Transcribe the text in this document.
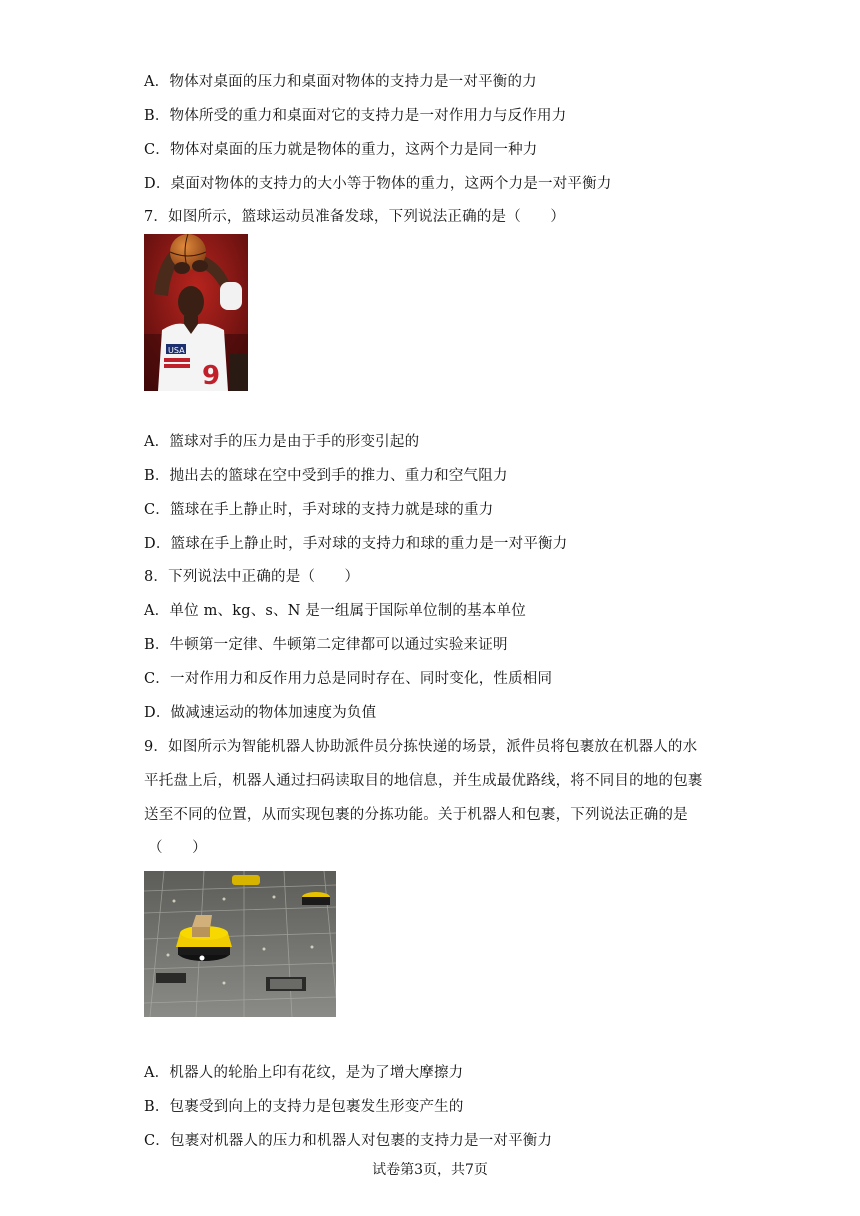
A．物体对桌面的压力和桌面对物体的支持力是一对平衡的力
B．物体所受的重力和桌面对它的支持力是一对作用力与反作用力
C．物体对桌面的压力就是物体的重力，这两个力是同一种力
D．桌面对物体的支持力的大小等于物体的重力，这两个力是一对平衡力
7．如图所示，篮球运动员准备发球，下列说法正确的是（　　）
USA
9
A．篮球对手的压力是由于手的形变引起的
B．抛出去的篮球在空中受到手的推力、重力和空气阻力
C．篮球在手上静止时，手对球的支持力就是球的重力
D．篮球在手上静止时，手对球的支持力和球的重力是一对平衡力
8．下列说法中正确的是（　　）
A．单位 m、kg、s、N 是一组属于国际单位制的基本单位
B．牛顿第一定律、牛顿第二定律都可以通过实验来证明
C．一对作用力和反作用力总是同时存在、同时变化，性质相同
D．做减速运动的物体加速度为负值
9．如图所示为智能机器人协助派件员分拣快递的场景，派件员将包裹放在机器人的水
平托盘上后，机器人通过扫码读取目的地信息，并生成最优路线，将不同目的地的包裹
送至不同的位置，从而实现包裹的分拣功能。关于机器人和包裹，下列说法正确的是
（　　）
A．机器人的轮胎上印有花纹，是为了增大摩擦力
B．包裹受到向上的支持力是包裹发生形变产生的
C．包裹对机器人的压力和机器人对包裹的支持力是一对平衡力
试卷第3页，共7页
